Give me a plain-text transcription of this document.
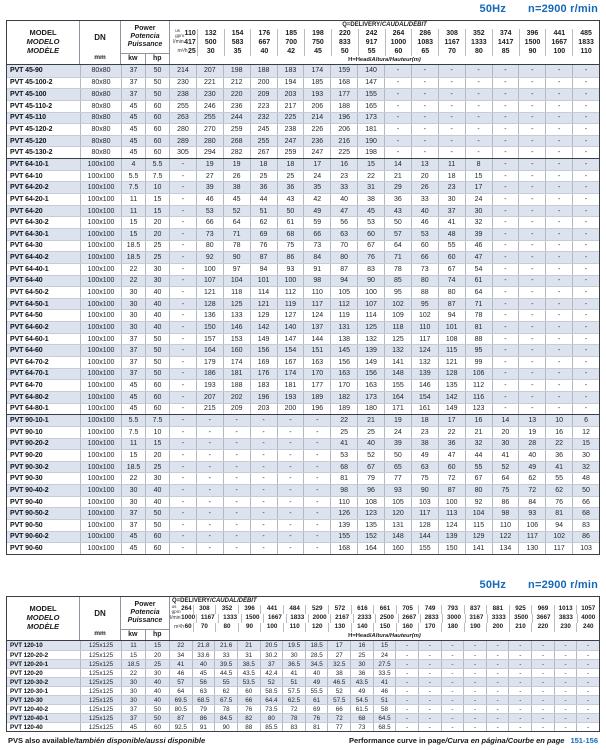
50Hz n=2900 r/min
MODEL
MODELO
MODÈLE
DN
mm
Power
Potencia
Puissance
kw	hp
Q=DELIVERY/ CAUDAL/DÉBIT
us
gpm 110 132 154 176 185 198 220 242 264 286 308 352 374 396 441 485
l/min 417 500 583 667 700 750 833 917 1000 1083 1167 1333 1417 1500 1667 1833
m³/h 25 30	35	40	42	45	50	55	60	65	70	80	85	90 100 110
H=Head/ Altura/Hauteur(m)
PVT 45-90	80x80	37	50	214	207	198	188	183	174	159	140	-	-	-	-	-	-	-	-
PVT 45-100-2	80x80	37	50	230	221	212	200	194	185	168	147	-	-	-	-	-	-	-	-
PVT 45-100	80x80	37	50	238	230	220	209	203	193	177	155	-	-	-	-	-	-	-	-
PVT 45-110-2	80x80	45	60	255	246	236	223	217	206	188	165	-	-	-	-	-	-	-	-
PVT 45-110	80x80	45	60	263	255	244	232	225	214	196	173	-	-	-	-	-	-	-	-
PVT 45-120-2	80x80	45	60	280	270	259	245	238	226	206	181	-	-	-	-	-	-	-	-
PVT 45-120	80x80	45	60	289	280	268	255	247	236	216	190	-	-	-	-	-	-	-	-
PVT 45-130-2	80x80	45	60	305	294	282	267	259	247	225	198	-	-	-	-	-	-	-	-
PVT 64-10-1	100x100	4	5.5	-	19	19	18	18	17	16	15	14	13	11	8	-	-	-	-
PVT 64-10	100x100	5.5	7.5	-	27	26	25	25	24	23	22	21	20	18	15	-	-	-	-
PVT 64-20-2	100x100	7.5	10	-	39	38	36	36	35	33	31	29	26	23	17	-	-	-	-
PVT 64-20-1	100x100	11	15	-	46	45	44	43	42	40	38	36	33	30	24	-	-	-	-
PVT 64-20	100x100	11	15	-	53	52	51	50	49	47	45	43	40	37	30	-	-	-	-
PVT 64-30-2	100x100	15	20	-	66	64	62	61	59	56	53	50	46	41	32	-	-	-	-
PVT 64-30-1	100x100	15	20	-	73	71	69	68	66	63	60	57	53	48	39	-	-	-	-
PVT 64-30	100x100	18.5	25	-	80	78	76	75	73	70	67	64	60	55	46	-	-	-	-
PVT 64-40-2	100x100	18.5	25	-	92	90	87	86	84	80	76	71	66	60	47	-	-	-	-
PVT 64-40-1	100x100	22	30	-	100	97	94	93	91	87	83	78	73	67	54	-	-	-	-
PVT 64-40	100x100	22	30	-	107	104	101	100	98	94	90	85	80	74	61	-	-	-	-
PVT 64-50-2	100x100	30	40	-	121	118	114	112	110	105	100	95	88	80	64	-	-	-	-
PVT 64-50-1	100x100	30	40	-	128	125	121	119	117	112	107	102	95	87	71	-	-	-	-
PVT 64-50	100x100	30	40	-	136	133	129	127	124	119	114	109	102	94	78	-	-	-	-
PVT 64-60-2	100x100	30	40	-	150	146	142	140	137	131	125	118	110	101	81	-	-	-	-
PVT 64-60-1	100x100	37	50	-	157	153	149	147	144	138	132	125	117	108	88	-	-	-	-
PVT 64-60	100x100	37	50	-	164	160	156	154	151	145	139	132	124	115	95	-	-	-	-
PVT 64-70-2	100x100	37	50	-	179	174	169	167	163	156	149	141	132	121	99	-	-	-	-
PVT 64-70-1	100x100	37	50	-	186	181	176	174	170	163	156	148	139	128	106	-	-	-	-
PVT 64-70	100x100	45	60	-	193	188	183	181	177	170	163	155	146	135	112	-	-	-	-
PVT 64-80-2	100x100	45	60	-	207	202	196	193	189	182	173	164	154	142	116	-	-	-	-
PVT 64-80-1	100x100	45	60	-	215	209	203	200	196	189	180	171	161	149	123	-	-	-	-
PVT 90-10-1	100x100	5.5	7.5	-	-	-	-	-	-	22	21	19	18	17	16	14	13	10	6
PVT 90-10	100x100	7.5	10	-	-	-	-	-	-	25	25	24	23	22	21	20	19	16	12
PVT 90-20-2	100x100	11	15	-	-	-	-	-	-	41	40	39	38	36	32	30	28	22	15
PVT 90-20	100x100	15	20	-	-	-	-	-	-	53	52	50	49	47	44	41	40	36	30
PVT 90-30-2	100x100	18.5	25	-	-	-	-	-	-	68	67	65	63	60	55	52	49	41	32
PVT 90-30	100x100	22	30	-	-	-	-	-	-	81	79	77	75	72	67	64	62	55	48
PVT 90-40-2	100x100	30	40	-	-	-	-	-	-	98	96	93	90	87	80	75	72	62	50
PVT 90-40	100x100	30	40	-	-	-	-	-	-	110	108	105	103	100	92	86	84	76	66
PVT 90-50-2	100x100	37	50	-	-	-	-	-	-	126	123	120	117	113	104	98	93	81	68
PVT 90-50	100x100	37	50	-	-	-	-	-	-	139	135	131	128	124	115	110	106	94	83
PVT 90-60-2	100x100	45	60	-	-	-	-	-	-	155	152	148	144	139	129	122	117	102	86
PVT 90-60	100x100	45	60	-	-	-	-	-	-	168	164	160	155	150	141	134	130	117	103
50Hz n=2900 r/min
MODEL
MODELO
MODÈLE
DN
mm
Power
Potencia
Puissance
kw	hp
Q=DELIVERY/ CAUDAL/DÉBIT
us
gpm 264 308 352 396 441 484 529 572 616 661 705 749 793 837 881 925 969 1013 1057
l/min 1000 1167 1333 1500 1667 1833 2000 2167 2333 2500 2667 2833 3000 3167 3333 3500 3667 3833 4000
m³/h 60 70 80 90 100 110 120 130 140 150 160 170 180 190 200 210 220 230 240
H=Head/ Altura/Hauteur(m)
PVT 120-10	125x125	11	15	22	21.8	21.6	21	20.5	19.5	18.5	17	16	15	-	-	-	-	-	-	-	-	-
PVT 120-20-2	125x125	15	20	34	33.6	33	31	30.2	30	28.5	27	25	24	-	-	-	-	-	-	-	-	-
PVT 120-20-1	125x125	18.5	25	41	40	39.5	38.5	37	36.5	34.5	32.5	30	27.5	-	-	-	-	-	-	-	-	-
PVT 120-20	125x125	22	30	46	45	44.5	43.5	42.4	41	40	38	36	33.5	-	-	-	-	-	-	-	-	-
PVT 120-30-2	125x125	30	40	57	56	55	53.5	52	51	49	46.5	43.5	41	-	-	-	-	-	-	-	-	-
PVT 120-30-1	125x125	30	40	64	63	62	60	58.5	57.5	55.5	52	49	46	-	-	-	-	-	-	-	-	-
PVT 120-30	125x125	30	40	69.5	68.5	67.5	66	64.4	62.5	61	57.5	54.5	51	-	-	-	-	-	-	-	-	-
PVT 120-40-2	125x125	37	50	80.5	79	78	76	73.5	72	69	66	61.5	58	-	-	-	-	-	-	-	-	-
PVT 120-40-1	125x125	37	50	87	86	84.5	82	80	78	76	72	68	64.5	-	-	-	-	-	-	-	-	-
PVT 120-40	125x125	45	60	92.5	91	90	88	85.5	83	81	77	73	68.5	-	-	-	-	-	-	-	-	-
PVS also available/también disponible/aussi disponible	Performance curve in page/Curva en página/Courbe en page 151-156
